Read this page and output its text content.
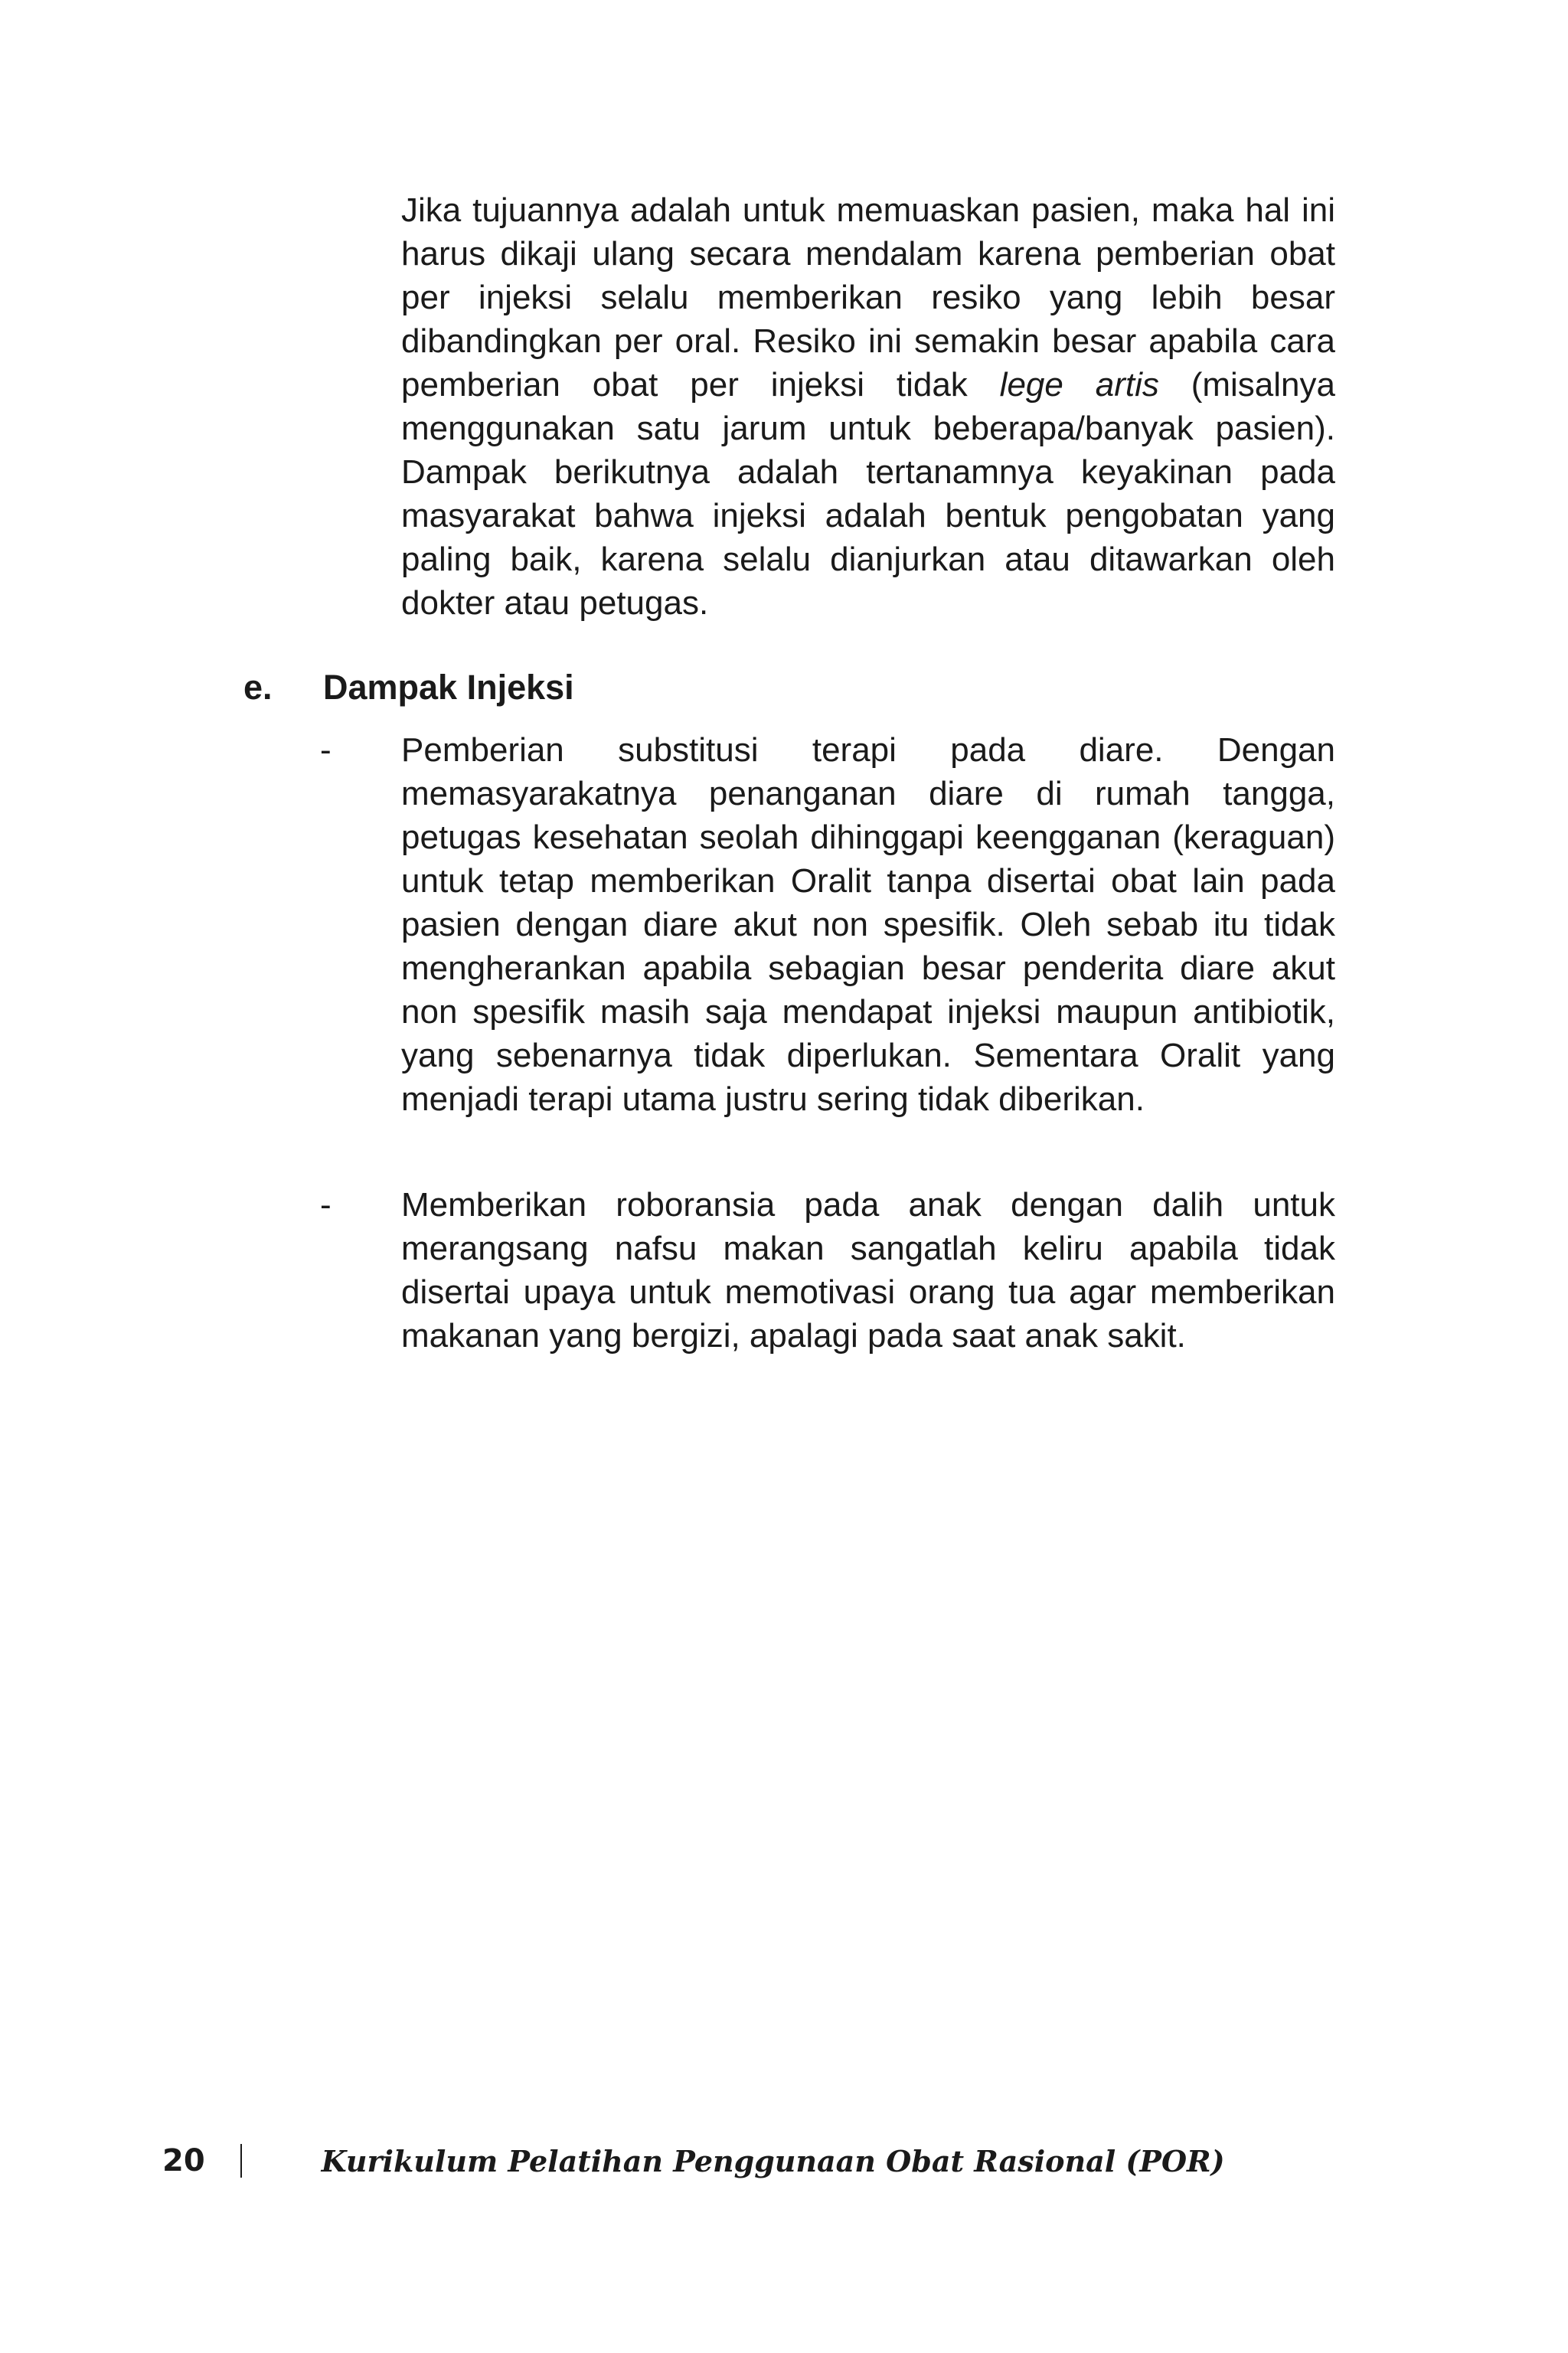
Jika tujuannya adalah untuk memuaskan pasien, maka hal ini harus dikaji ulang secara mendalam karena pemberian obat per injeksi selalu memberikan resiko yang lebih besar dibandingkan per oral. Resiko ini semakin besar apabila cara pemberian obat per injeksi tidak lege artis (misalnya menggunakan satu jarum untuk beberapa/banyak pasien). Dampak berikutnya adalah tertanamnya keyakinan pada masyarakat bahwa injeksi adalah bentuk pengobatan yang paling baik, karena selalu dianjurkan atau ditawarkan oleh dokter atau petugas.

e. Dampak Injeksi
- Pemberian substitusi terapi pada diare. Dengan memasyarakatnya penanganan diare di rumah tangga, petugas kesehatan seolah dihinggapi keengganan (keraguan) untuk tetap memberikan Oralit tanpa disertai obat lain pada pasien dengan diare akut non spesifik. Oleh sebab itu tidak mengherankan apabila sebagian besar penderita diare akut non spesifik masih saja mendapat injeksi maupun antibiotik, yang sebenarnya tidak diperlukan. Sementara Oralit yang menjadi terapi utama justru sering tidak diberikan.

- Memberikan roboransia pada anak dengan dalih untuk merangsang nafsu makan sangatlah keliru apabila tidak disertai upaya untuk memotivasi orang tua agar memberikan makanan yang bergizi, apalagi pada saat anak sakit.

20	Kurikulum Pelatihan Penggunaan Obat Rasional (POR)
